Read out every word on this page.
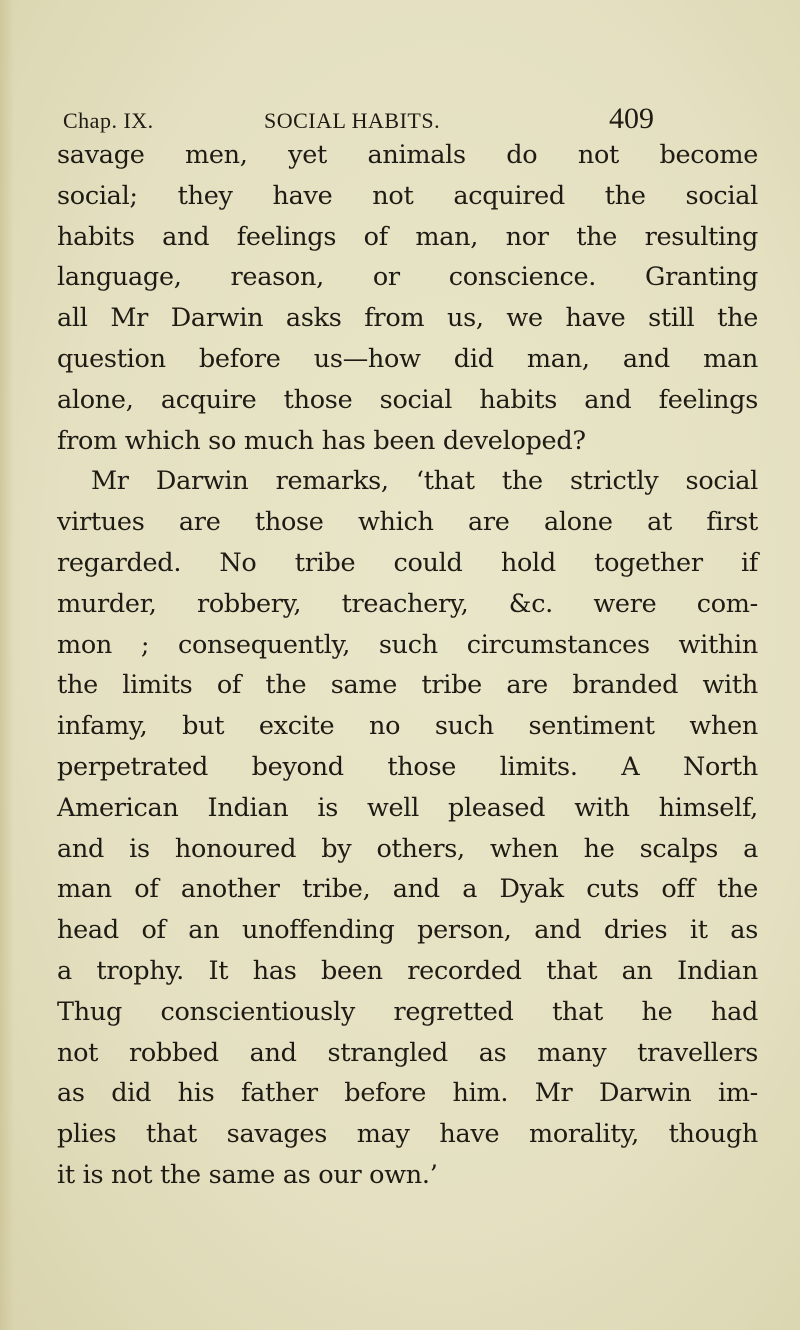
Chap. IX.	SOCIAL HABITS.	409
savage men, yet animals do not become
social; they have not acquired the social
habits and feelings of man, nor the resulting
language, reason, or conscience. Granting
all Mr Darwin asks from us, we have still the
question before us—how did man, and man
alone, acquire those social habits and feelings
from which so much has been developed?
Mr Darwin remarks, ‘that the strictly social
virtues are those which are alone at first
regarded. No tribe could hold together if
murder, robbery, treachery, &c. were com-
mon ; consequently, such circumstances within
the limits of the same tribe are branded with
infamy, but excite no such sentiment when
perpetrated beyond those limits. A North
American Indian is well pleased with himself,
and is honoured by others, when he scalps a
man of another tribe, and a Dyak cuts off the
head of an unoffending person, and dries it as
a trophy. It has been recorded that an Indian
Thug conscientiously regretted that he had
not robbed and strangled as many travellers
as did his father before him. Mr Darwin im-
plies that savages may have morality, though
it is not the same as our own.’
